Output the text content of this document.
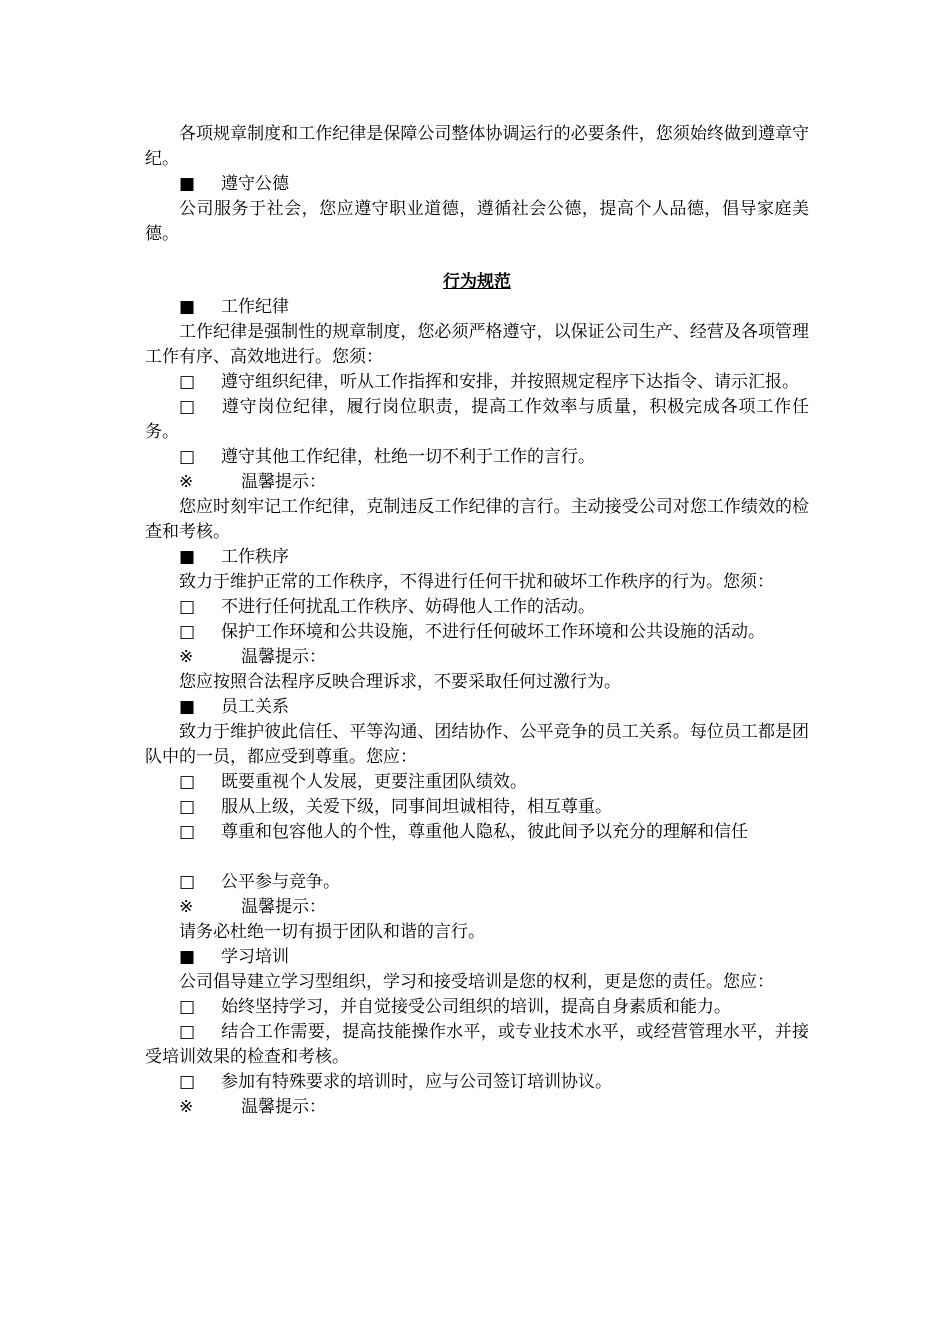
各项规章制度和工作纪律是保障公司整体协调运行的必要条件，您须始终做到遵章守纪。

■ 遵守公德

公司服务于社会，您应遵守职业道德，遵循社会公德，提高个人品德，倡导家庭美德。

行为规范

■ 工作纪律

工作纪律是强制性的规章制度，您必须严格遵守，以保证公司生产、经营及各项管理工作有序、高效地进行。您须：

□ 遵守组织纪律，听从工作指挥和安排，并按照规定程序下达指令、请示汇报。

□ 遵守岗位纪律，履行岗位职责，提高工作效率与质量，积极完成各项工作任务。

□ 遵守其他工作纪律，杜绝一切不利于工作的言行。

※	温馨提示：

您应时刻牢记工作纪律，克制违反工作纪律的言行。主动接受公司对您工作绩效的检查和考核。

■ 工作秩序

致力于维护正常的工作秩序，不得进行任何干扰和破坏工作秩序的行为。您须：

□ 不进行任何扰乱工作秩序、妨碍他人工作的活动。

□ 保护工作环境和公共设施，不进行任何破坏工作环境和公共设施的活动。

※	温馨提示：

您应按照合法程序反映合理诉求，不要采取任何过激行为。

■ 员工关系

致力于维护彼此信任、平等沟通、团结协作、公平竞争的员工关系。每位员工都是团队中的一员，都应受到尊重。您应：

□ 既要重视个人发展，更要注重团队绩效。

□ 服从上级，关爱下级，同事间坦诚相待，相互尊重。

□ 尊重和包容他人的个性，尊重他人隐私，彼此间予以充分的理解和信任

□ 公平参与竞争。

※	温馨提示：

请务必杜绝一切有损于团队和谐的言行。

■ 学习培训

公司倡导建立学习型组织，学习和接受培训是您的权利，更是您的责任。您应：

□ 始终坚持学习，并自觉接受公司组织的培训，提高自身素质和能力。

□ 结合工作需要，提高技能操作水平，或专业技术水平，或经营管理水平，并接受培训效果的检查和考核。

□ 参加有特殊要求的培训时，应与公司签订培训协议。

※	温馨提示：
